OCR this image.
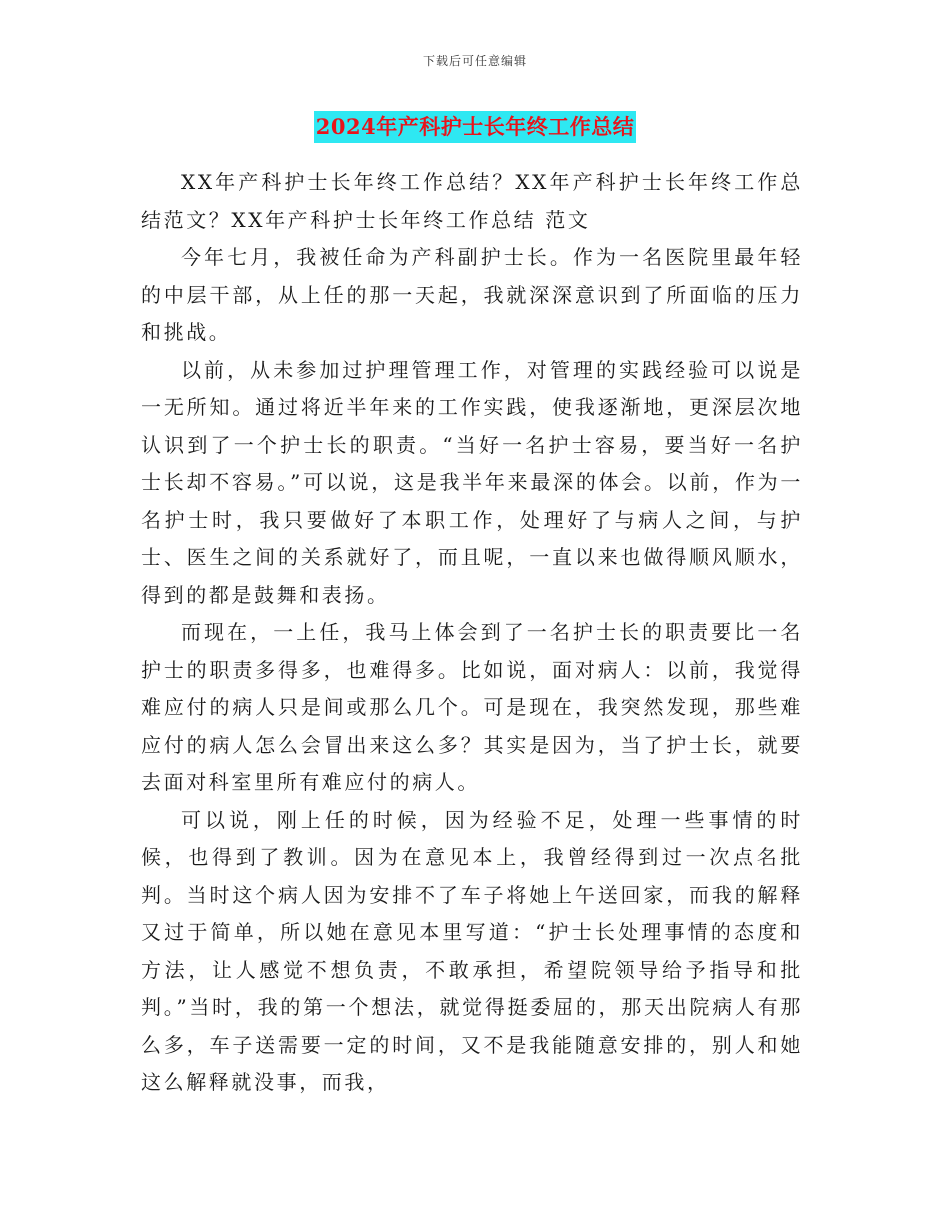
下载后可任意编辑
2024年产科护士长年终工作总结

XX年产科护士长年终工作总结？XX年产科护士长年终工作总结范文？XX年产科护士长年终工作总结 范文

今年七月，我被任命为产科副护士长。作为一名医院里最年轻的中层干部，从上任的那一天起，我就深深意识到了所面临的压力和挑战。

以前，从未参加过护理管理工作，对管理的实践经验可以说是一无所知。通过将近半年来的工作实践，使我逐渐地，更深层次地认识到了一个护士长的职责。“当好一名护士容易，要当好一名护士长却不容易。”可以说，这是我半年来最深的体会。以前，作为一名护士时，我只要做好了本职工作，处理好了与病人之间，与护士、医生之间的关系就好了，而且呢，一直以来也做得顺风顺水，得到的都是鼓舞和表扬。

而现在，一上任，我马上体会到了一名护士长的职责要比一名护士的职责多得多，也难得多。比如说，面对病人：以前，我觉得难应付的病人只是间或那么几个。可是现在，我突然发现，那些难应付的病人怎么会冒出来这么多？其实是因为，当了护士长，就要去面对科室里所有难应付的病人。

可以说，刚上任的时候，因为经验不足，处理一些事情的时候，也得到了教训。因为在意见本上，我曾经得到过一次点名批判。当时这个病人因为安排不了车子将她上午送回家，而我的解释又过于简单，所以她在意见本里写道：“护士长处理事情的态度和方法，让人感觉不想负责，不敢承担，希望院领导给予指导和批判。”当时，我的第一个想法，就觉得挺委屈的，那天出院病人有那么多，车子送需要一定的时间，又不是我能随意安排的，别人和她这么解释就没事，而我，
